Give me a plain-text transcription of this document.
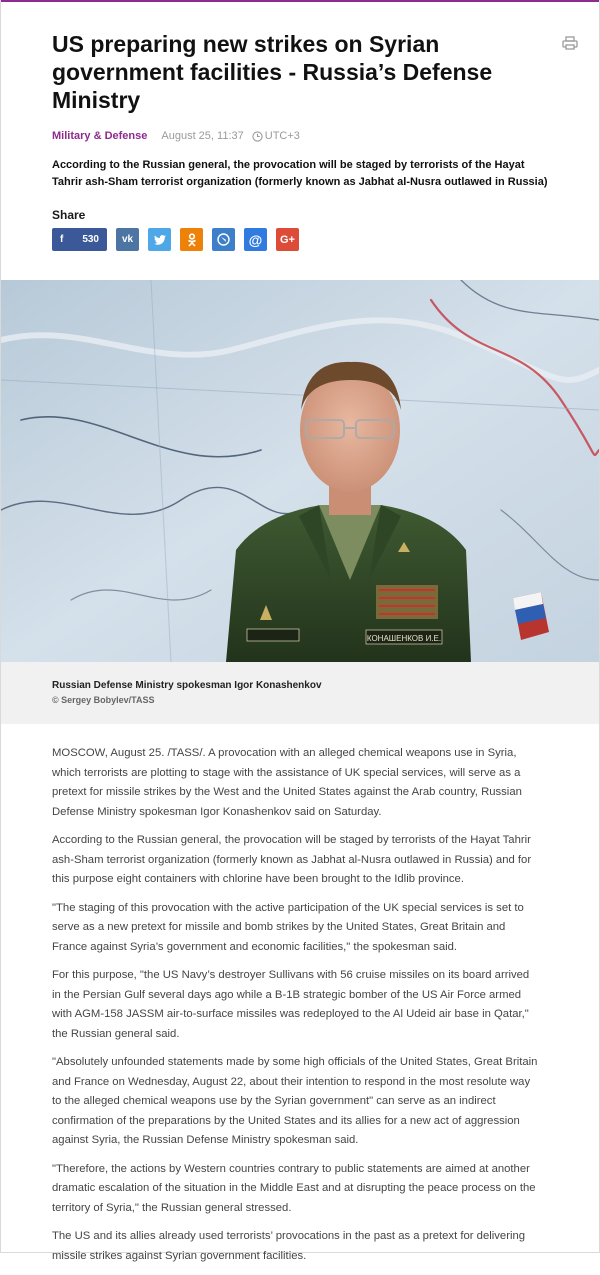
US preparing new strikes on Syrian government facilities - Russia’s Defense Ministry
Military & Defense August 25, 11:37 UTC+3

According to the Russian general, the provocation will be staged by terrorists of the Hayat Tahrir ash-Sham terrorist organization (formerly known as Jabhat al-Nusra outlawed in Russia)

Share
f 530 vk	@ G+
КОНАШЕНКОВ И.Е.
Russian Defense Ministry spokesman Igor Konashenkov
© Sergey Bobylev/TASS

MOSCOW, August 25. /TASS/. A provocation with an alleged chemical weapons use in Syria, which terrorists are plotting to stage with the assistance of UK special services, will serve as a pretext for missile strikes by the West and the United States against the Arab country, Russian Defense Ministry spokesman Igor Konashenkov said on Saturday.

According to the Russian general, the provocation will be staged by terrorists of the Hayat Tahrir ash-Sham terrorist organization (formerly known as Jabhat al-Nusra outlawed in Russia) and for this purpose eight containers with chlorine have been brought to the Idlib province.

"The staging of this provocation with the active participation of the UK special services is set to serve as a new pretext for missile and bomb strikes by the United States, Great Britain and France against Syria’s government and economic facilities," the spokesman said.

For this purpose, "the US Navy’s destroyer Sullivans with 56 cruise missiles on its board arrived in the Persian Gulf several days ago while a B-1B strategic bomber of the US Air Force armed with AGM-158 JASSM air-to-surface missiles was redeployed to the Al Udeid air base in Qatar," the Russian general said.

"Absolutely unfounded statements made by some high officials of the United States, Great Britain and France on Wednesday, August 22, about their intention to respond in the most resolute way to the alleged chemical weapons use by the Syrian government" can serve as an indirect confirmation of the preparations by the United States and its allies for a new act of aggression against Syria, the Russian Defense Ministry spokesman said.

"Therefore, the actions by Western countries contrary to public statements are aimed at another dramatic escalation of the situation in the Middle East and at disrupting the peace process on the territory of Syria," the Russian general stressed.

The US and its allies already used terrorists’ provocations in the past as a pretext for delivering missile strikes against Syrian government facilities.
